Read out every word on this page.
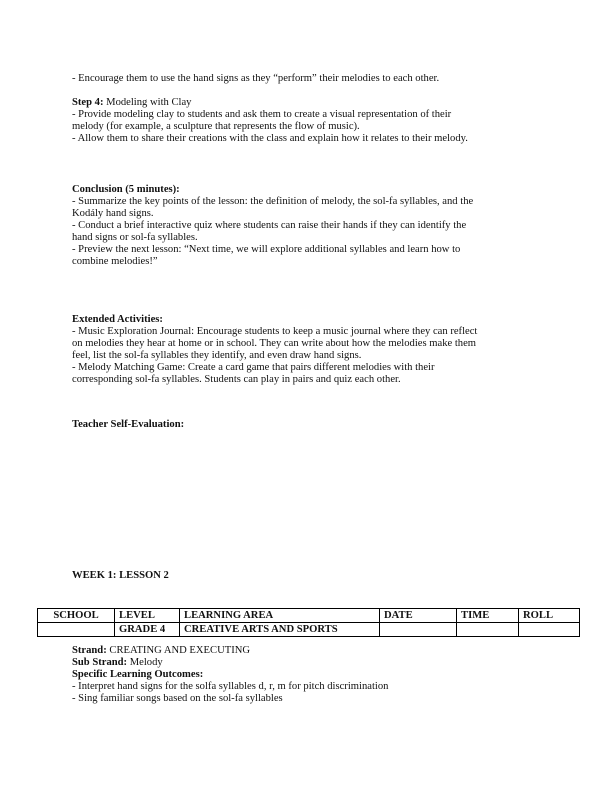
- Encourage them to use the hand signs as they “perform” their melodies to each other.
Step 4: Modeling with Clay
- Provide modeling clay to students and ask them to create a visual representation of their
melody (for example, a sculpture that represents the flow of music).
- Allow them to share their creations with the class and explain how it relates to their melody.
Conclusion (5 minutes):
- Summarize the key points of the lesson: the definition of melody, the sol-fa syllables, and the
Kodály hand signs.
- Conduct a brief interactive quiz where students can raise their hands if they can identify the
hand signs or sol-fa syllables.
- Preview the next lesson: “Next time, we will explore additional syllables and learn how to
combine melodies!”
Extended Activities:
- Music Exploration Journal: Encourage students to keep a music journal where they can reflect
on melodies they hear at home or in school. They can write about how the melodies make them
feel, list the sol-fa syllables they identify, and even draw hand signs.
- Melody Matching Game: Create a card game that pairs different melodies with their
corresponding sol-fa syllables. Students can play in pairs and quiz each other.
Teacher Self-Evaluation:
WEEK 1: LESSON 2
SCHOOL	LEVEL	LEARNING AREA	DATE	TIME	ROLL
	GRADE 4	CREATIVE ARTS AND SPORTS			
Strand: CREATING AND EXECUTING
Sub Strand: Melody
Specific Learning Outcomes:
- Interpret hand signs for the solfa syllables d, r, m for pitch discrimination
- Sing familiar songs based on the sol-fa syllables
